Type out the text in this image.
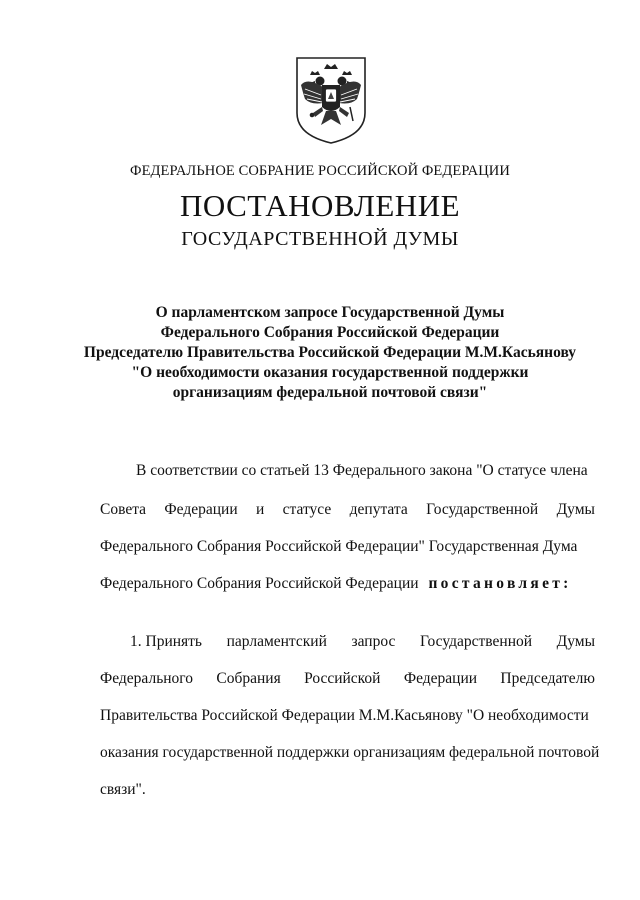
ФЕДЕРАЛЬНОЕ СОБРАНИЕ РОССИЙСКОЙ ФЕДЕРАЦИИ
ПОСТАНОВЛЕНИЕ
ГОСУДАРСТВЕННОЙ ДУМЫ
О парламентском запросе Государственной Думы
Федерального Собрания Российской Федерации
Председателю Правительства Российской Федерации М.М.Касьянову
"О необходимости оказания государственной поддержки
организациям федеральной почтовой связи"
В соответствии со статьей 13 Федерального закона "О статусе члена
Совета Федерации и статусе депутата Государственной Думы
Федерального Собрания Российской Федерации" Государственная Дума
Федерального Собрания Российской Федерации постановляет:
1. Принять парламентский запрос Государственной Думы
Федерального Собрания Российской Федерации Председателю
Правительства Российской Федерации М.М.Касьянову "О необходимости
оказания государственной поддержки организациям федеральной почтовой
связи".
